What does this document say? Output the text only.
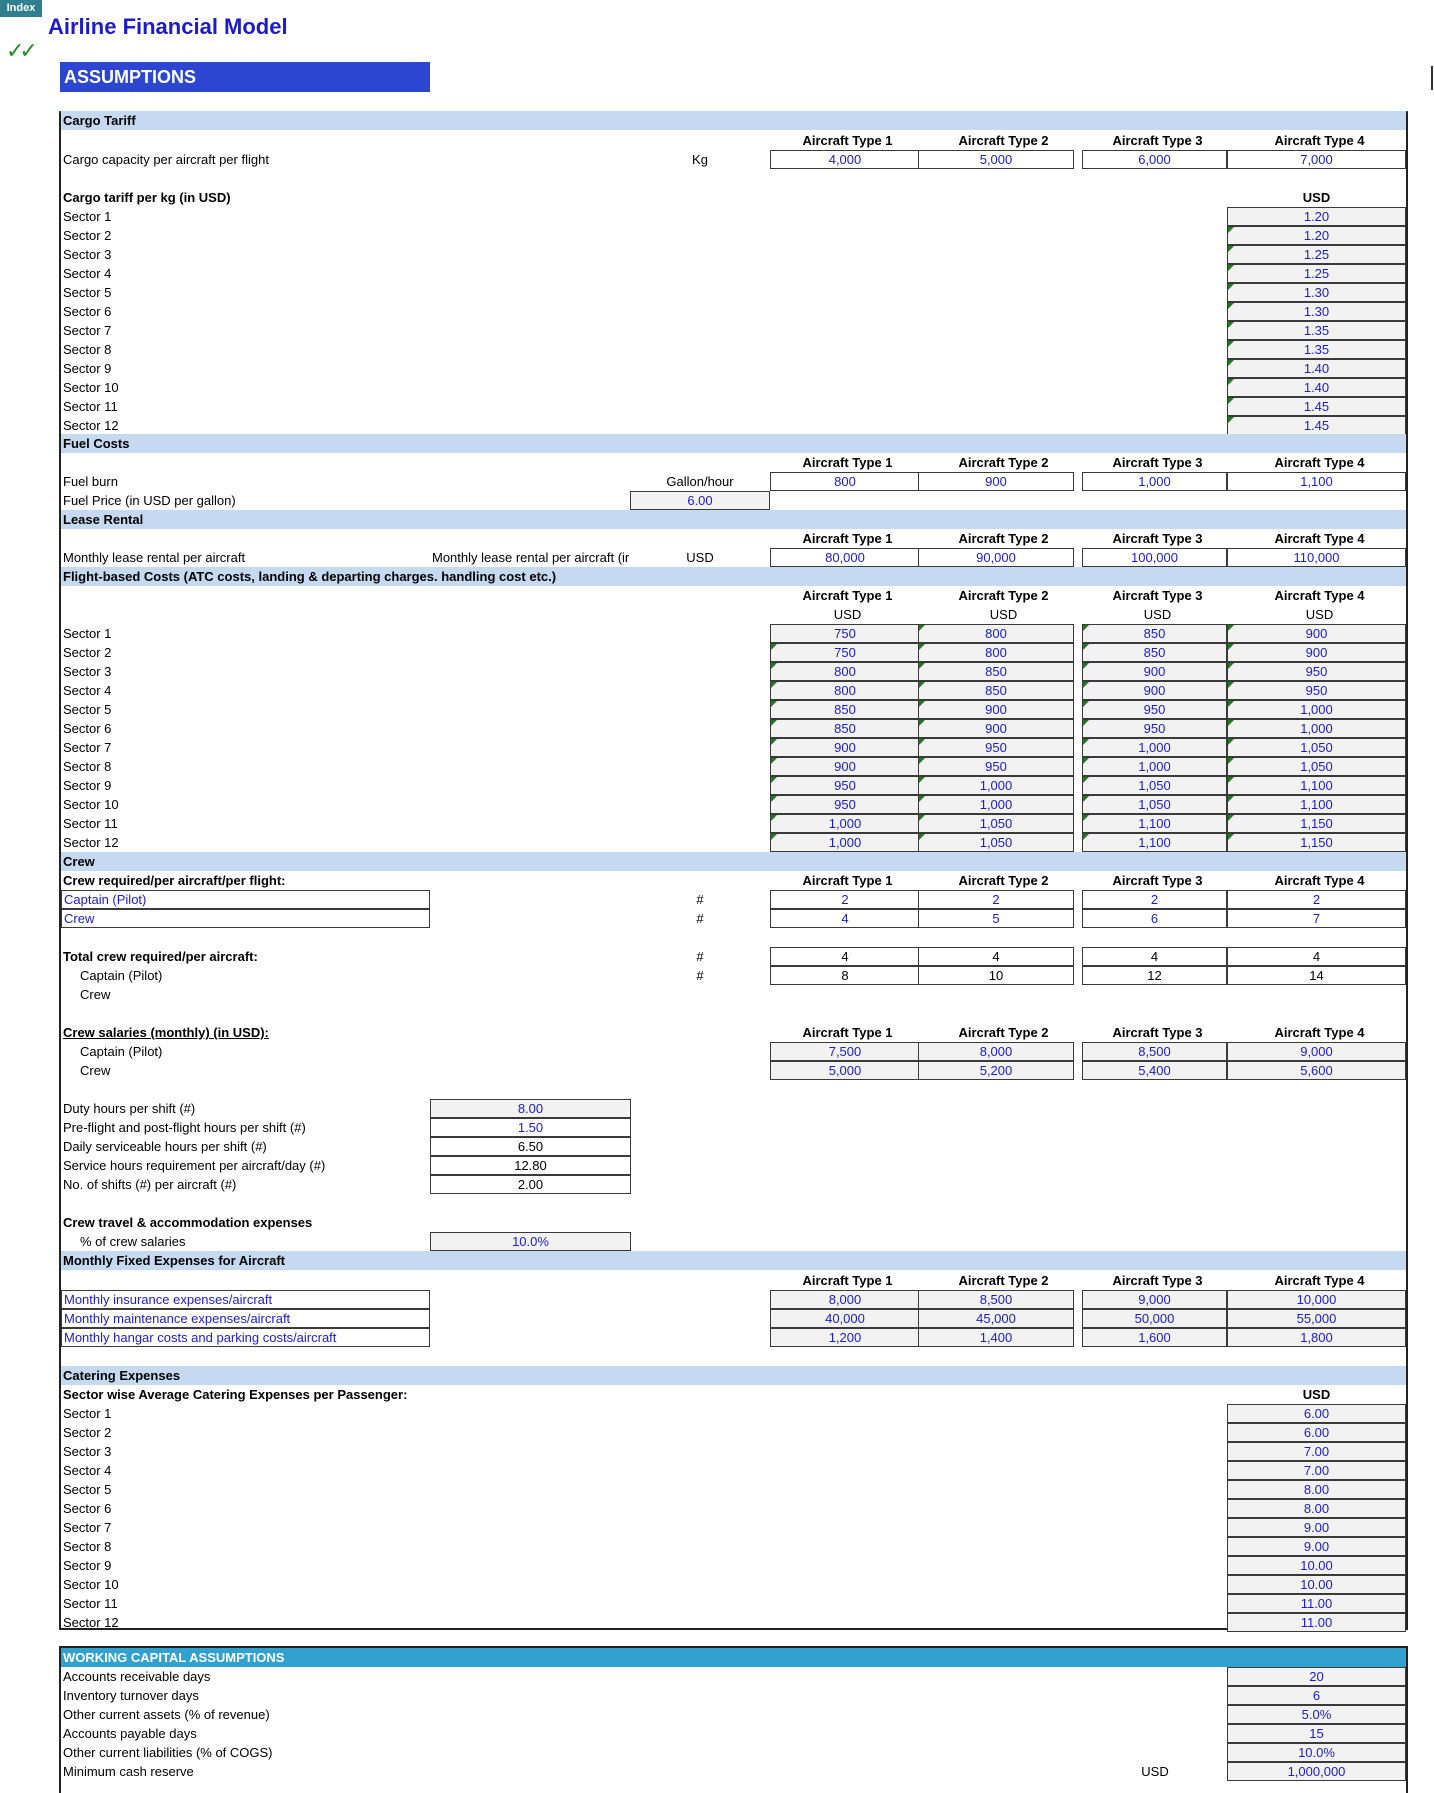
Index
Airline Financial Model
✓✓
ASSUMPTIONS
Cargo Tariff
Aircraft Type 1	Aircraft Type 2	Aircraft Type 3	Aircraft Type 4
Cargo capacity per aircraft per flight	Kg	4,000	5,000	6,000	7,000
Cargo tariff per kg (in USD)	USD
Sector 1	1.20
Sector 2	1.20
Sector 3	1.25
Sector 4	1.25
Sector 5	1.30
Sector 6	1.30
Sector 7	1.35
Sector 8	1.35
Sector 9	1.40
Sector 10	1.40
Sector 11	1.45
Sector 12	1.45
Fuel Costs
Aircraft Type 1	Aircraft Type 2	Aircraft Type 3	Aircraft Type 4
Fuel burn	Gallon/hour	800	900	1,000	1,100
Fuel Price (in USD per gallon)	6.00
Lease Rental
Aircraft Type 1	Aircraft Type 2	Aircraft Type 3	Aircraft Type 4
Monthly lease rental per aircraft	Monthly lease rental per aircraft (ir	USD	80,000	90,000	100,000	110,000
Flight-based Costs (ATC costs, landing & departing charges. handling cost etc.)
Aircraft Type 1	Aircraft Type 2	Aircraft Type 3	Aircraft Type 4
USD	USD	USD	USD
Sector 1	750	800	850	900
Sector 2	750	800	850	900
Sector 3	800	850	900	950
Sector 4	800	850	900	950
Sector 5	850	900	950	1,000
Sector 6	850	900	950	1,000
Sector 7	900	950	1,000	1,050
Sector 8	900	950	1,000	1,050
Sector 9	950	1,000	1,050	1,100
Sector 10	950	1,000	1,050	1,100
Sector 11	1,000	1,050	1,100	1,150
Sector 12	1,000	1,050	1,100	1,150
Crew
Crew required/per aircraft/per flight:	Aircraft Type 1	Aircraft Type 2	Aircraft Type 3	Aircraft Type 4
Captain (Pilot)	#	2	2	2	2
Crew	#	4	5	6	7
Total crew required/per aircraft:	#	4	4	4	4
Captain (Pilot)	#	8	10	12	14
Crew
Crew salaries (monthly) (in USD):	Aircraft Type 1	Aircraft Type 2	Aircraft Type 3	Aircraft Type 4
Captain (Pilot)	7,500	8,000	8,500	9,000
Crew	5,000	5,200	5,400	5,600
Duty hours per shift (#)	8.00
Pre-flight and post-flight hours per shift (#)	1.50
Daily serviceable hours per shift (#)	6.50
Service hours requirement per aircraft/day (#)	12.80
No. of shifts (#) per aircraft (#)	2.00
Crew travel & accommodation expenses
% of crew salaries	10.0%
Monthly Fixed Expenses for Aircraft
Aircraft Type 1	Aircraft Type 2	Aircraft Type 3	Aircraft Type 4
Monthly insurance expenses/aircraft	8,000	8,500	9,000	10,000
Monthly maintenance expenses/aircraft	40,000	45,000	50,000	55,000
Monthly hangar costs and parking costs/aircraft	1,200	1,400	1,600	1,800
Catering Expenses
Sector wise Average Catering Expenses per Passenger:	USD
Sector 1	6.00
Sector 2	6.00
Sector 3	7.00
Sector 4	7.00
Sector 5	8.00
Sector 6	8.00
Sector 7	9.00
Sector 8	9.00
Sector 9	10.00
Sector 10	10.00
Sector 11	11.00
Sector 12	11.00
WORKING CAPITAL ASSUMPTIONS
Accounts receivable days	20
Inventory turnover days	6
Other current assets (% of revenue)	5.0%
Accounts payable days	15
Other current liabilities (% of COGS)	10.0%
Minimum cash reserve	USD	1,000,000
